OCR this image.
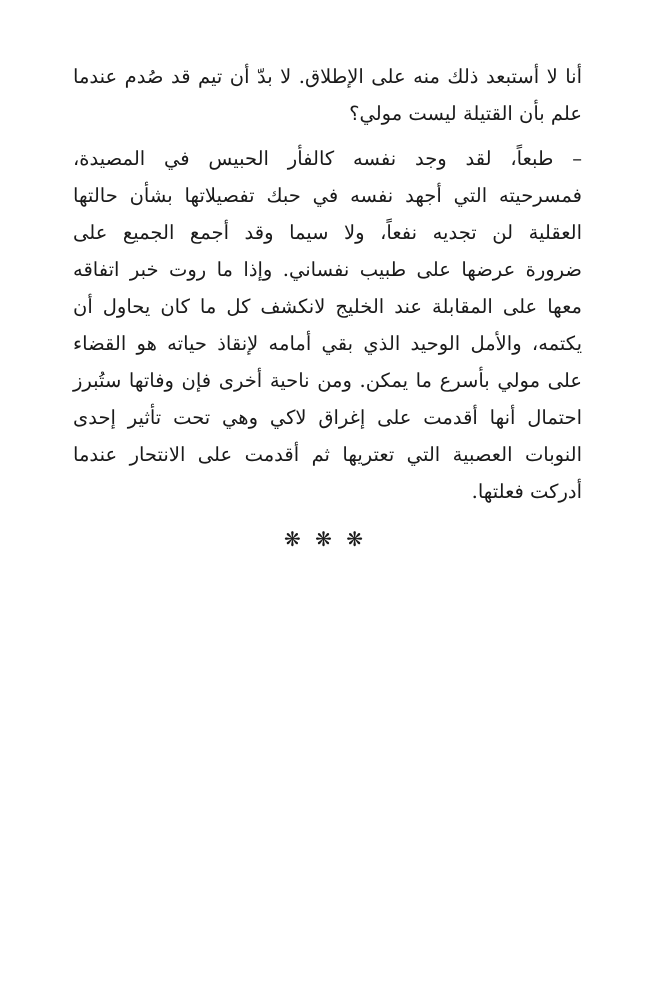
أنا لا أستبعد ذلك منه على الإطلاق. لا بدّ أن تيم قد صُدم عندما
علم بأن القتيلة ليست مولي؟
– طبعاً، لقد وجد نفسه كالفأر الحبيس في المصيدة،
فمسرحيته التي أجهد نفسه في حبك تفصيلاتها بشأن حالتها
العقلية لن تجديه نفعاً، ولا سيما وقد أجمع الجميع على
ضرورة عرضها على طبيب نفساني. وإذا ما روت خبر اتفاقه
معها على المقابلة عند الخليج لانكشف كل ما كان يحاول أن
يكتمه، والأمل الوحيد الذي بقي أمامه لإنقاذ حياته هو القضاء
على مولي بأسرع ما يمكن. ومن ناحية أخرى فإن وفاتها ستُبرز
احتمال أنها أقدمت على إغراق لاكي وهي تحت تأثير إحدى
النوبات العصبية التي تعتريها ثم أقدمت على الانتحار عندما
أدركت فعلتها.
❋ ❋ ❋
